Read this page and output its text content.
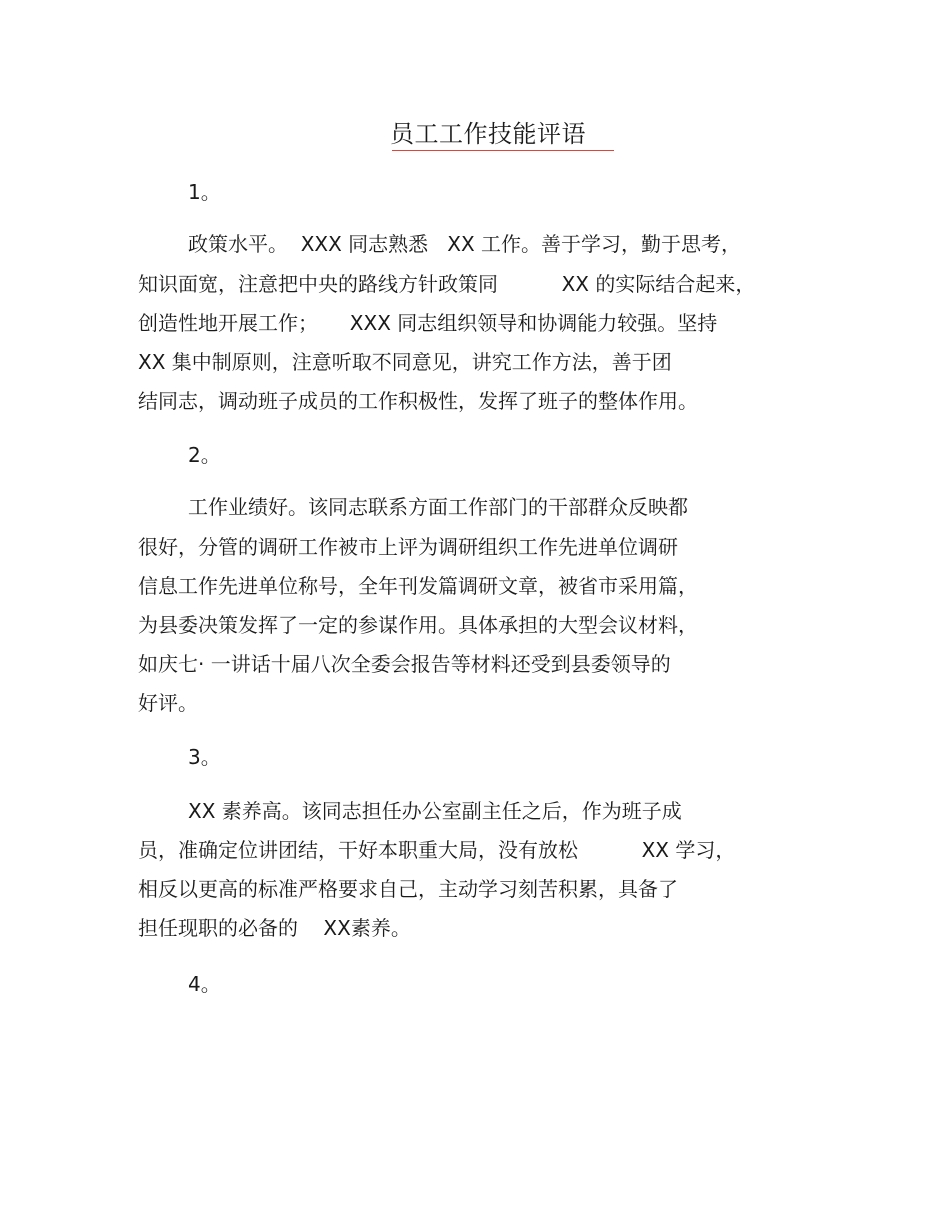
员工工作技能评语
1。
政策水平。  XXX 同志熟悉   XX 工作。善于学习，勤于思考，
知识面宽，注意把中央的路线方针政策同          XX 的实际结合起来，
创造性地开展工作；     XXX 同志组织领导和协调能力较强。坚持
XX 集中制原则，注意听取不同意见，讲究工作方法，善于团
结同志，调动班子成员的工作积极性，发挥了班子的整体作用。
2。
工作业绩好。该同志联系方面工作部门的干部群众反映都
很好，分管的调研工作被市上评为调研组织工作先进单位调研
信息工作先进单位称号，全年刊发篇调研文章，被省市采用篇，
为县委决策发挥了一定的参谋作用。具体承担的大型会议材料，
如庆七· 一讲话十届八次全委会报告等材料还受到县委领导的
好评。
3。
XX 素养高。该同志担任办公室副主任之后，作为班子成
员，准确定位讲团结，干好本职重大局，没有放松          XX 学习，
相反以更高的标准严格要求自己，主动学习刻苦积累，具备了
担任现职的必备的    XX素养。
4。
